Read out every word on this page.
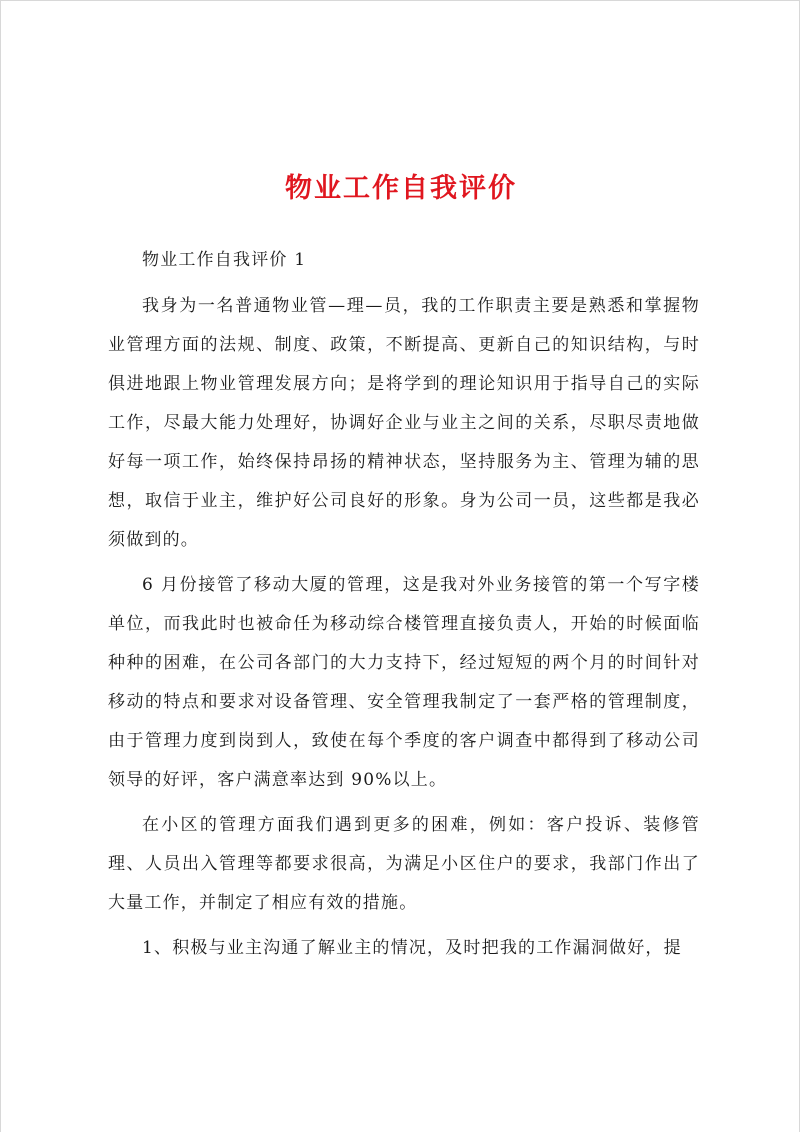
物业工作自我评价

物业工作自我评价 1

我身为一名普通物业管—理—员，我的工作职责主要是熟悉和掌握物业管理方面的法规、制度、政策，不断提高、更新自己的知识结构，与时俱进地跟上物业管理发展方向；是将学到的理论知识用于指导自己的实际工作，尽最大能力处理好，协调好企业与业主之间的关系，尽职尽责地做好每一项工作，始终保持昂扬的精神状态，坚持服务为主、管理为辅的思想，取信于业主，维护好公司良好的形象。身为公司一员，这些都是我必须做到的。

6 月份接管了移动大厦的管理，这是我对外业务接管的第一个写字楼单位，而我此时也被命任为移动综合楼管理直接负责人，开始的时候面临种种的困难，在公司各部门的大力支持下，经过短短的两个月的时间针对移动的特点和要求对设备管理、安全管理我制定了一套严格的管理制度，由于管理力度到岗到人，致使在每个季度的客户调查中都得到了移动公司领导的好评，客户满意率达到 90%以上。

在小区的管理方面我们遇到更多的困难，例如：客户投诉、装修管理、人员出入管理等都要求很高，为满足小区住户的要求，我部门作出了大量工作，并制定了相应有效的措施。

1、积极与业主沟通了解业主的情况，及时把我的工作漏洞做好，提
